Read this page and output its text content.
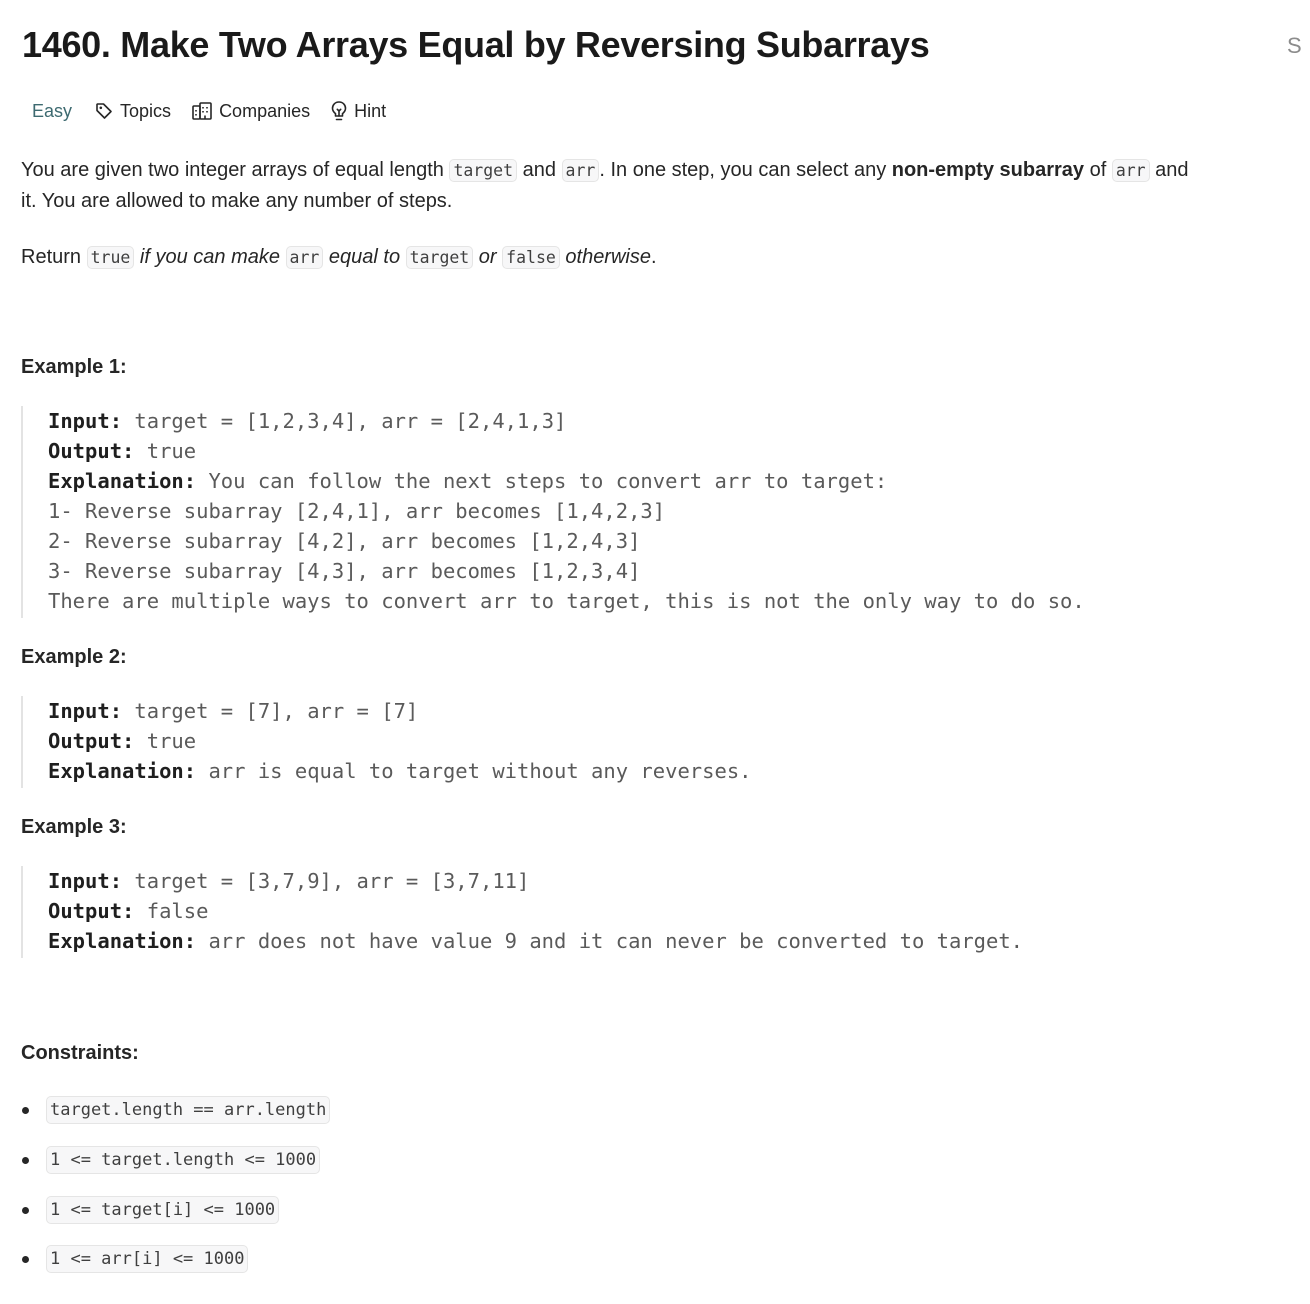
1460. Make Two Arrays Equal by Reversing Subarrays	S
Easy	Topics	Companies Hint

You are given two integer arrays of equal length target and arr . In one step, you can select any non-empty subarray of arr and
it. You are allowed to make any number of steps.

Return true if you can make arr equal to target or false otherwise.

Example 1:

Input: target = [1,2,3,4], arr = [2,4,1,3]
Output: true
Explanation: You can follow the next steps to convert arr to target:
1- Reverse subarray [2,4,1], arr becomes [1,4,2,3]
2- Reverse subarray [4,2], arr becomes [1,2,4,3]
3- Reverse subarray [4,3], arr becomes [1,2,3,4]
There are multiple ways to convert arr to target, this is not the only way to do so.

Example 2:

Input: target = [7], arr = [7]
Output: true
Explanation: arr is equal to target without any reverses.

Example 3:

Input: target = [3,7,9], arr = [3,7,11]
Output: false
Explanation: arr does not have value 9 and it can never be converted to target.

Constraints:

target.length == arr.length
1 <= target.length <= 1000
1 <= target[i] <= 1000
1 <= arr[i] <= 1000
